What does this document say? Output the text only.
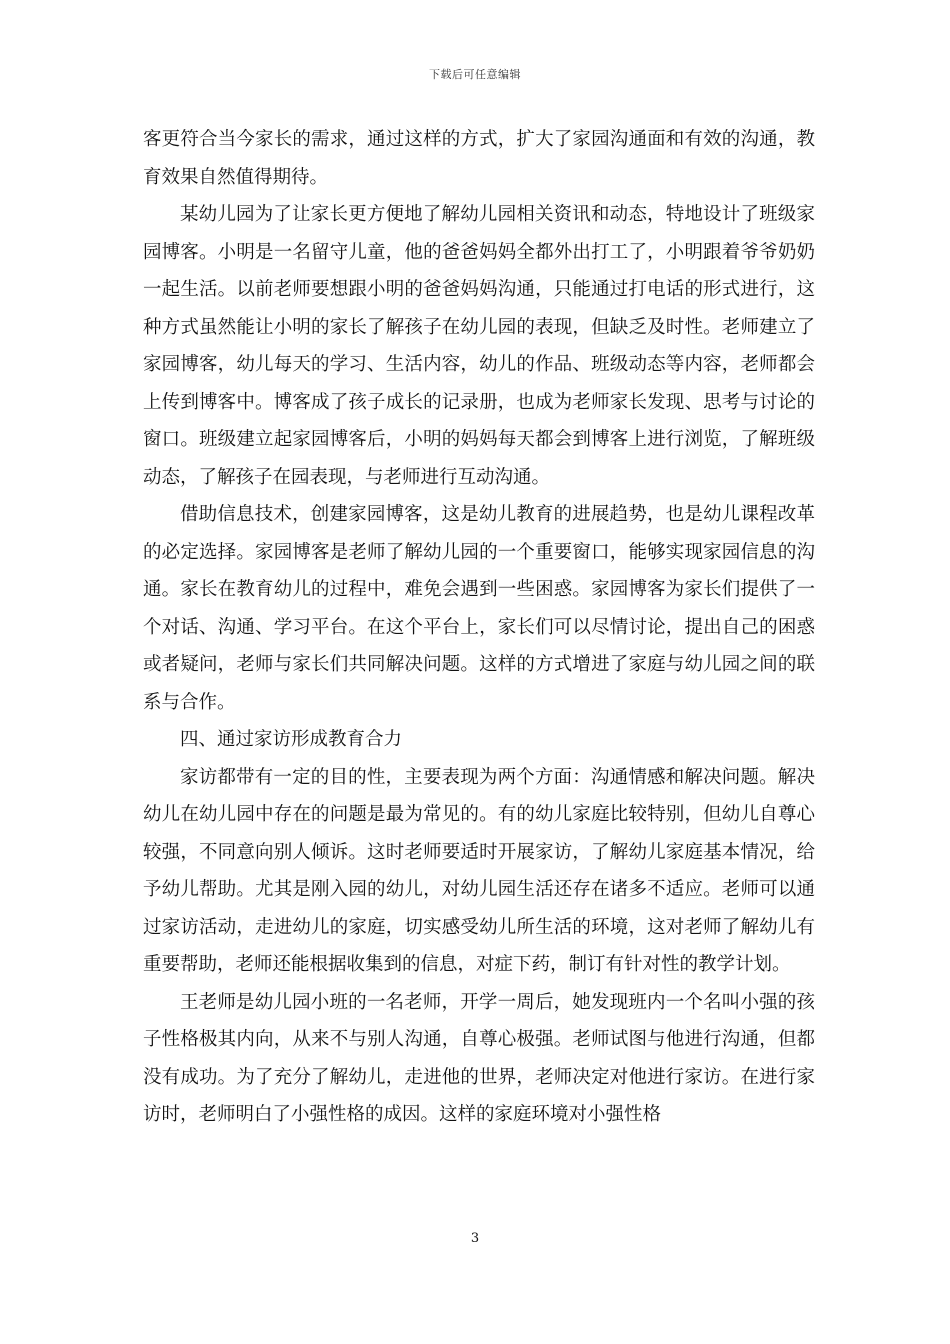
下载后可任意编辑

客更符合当今家长的需求，通过这样的方式，扩大了家园沟通面和有效的沟通，教育效果自然值得期待。

某幼儿园为了让家长更方便地了解幼儿园相关资讯和动态，特地设计了班级家园博客。小明是一名留守儿童，他的爸爸妈妈全都外出打工了，小明跟着爷爷奶奶一起生活。以前老师要想跟小明的爸爸妈妈沟通，只能通过打电话的形式进行，这种方式虽然能让小明的家长了解孩子在幼儿园的表现，但缺乏及时性。老师建立了家园博客，幼儿每天的学习、生活内容，幼儿的作品、班级动态等内容，老师都会上传到博客中。博客成了孩子成长的记录册，也成为老师家长发现、思考与讨论的窗口。班级建立起家园博客后，小明的妈妈每天都会到博客上进行浏览，了解班级动态，了解孩子在园表现，与老师进行互动沟通。

借助信息技术，创建家园博客，这是幼儿教育的进展趋势，也是幼儿课程改革的必定选择。家园博客是老师了解幼儿园的一个重要窗口，能够实现家园信息的沟通。家长在教育幼儿的过程中，难免会遇到一些困惑。家园博客为家长们提供了一个对话、沟通、学习平台。在这个平台上，家长们可以尽情讨论，提出自己的困惑或者疑问，老师与家长们共同解决问题。这样的方式增进了家庭与幼儿园之间的联系与合作。

四、通过家访形成教育合力

家访都带有一定的目的性，主要表现为两个方面：沟通情感和解决问题。解决幼儿在幼儿园中存在的问题是最为常见的。有的幼儿家庭比较特别，但幼儿自尊心较强，不同意向别人倾诉。这时老师要适时开展家访，了解幼儿家庭基本情况，给予幼儿帮助。尤其是刚入园的幼儿，对幼儿园生活还存在诸多不适应。老师可以通过家访活动，走进幼儿的家庭，切实感受幼儿所生活的环境，这对老师了解幼儿有重要帮助，老师还能根据收集到的信息，对症下药，制订有针对性的教学计划。

王老师是幼儿园小班的一名老师，开学一周后，她发现班内一个名叫小强的孩子性格极其内向，从来不与别人沟通，自尊心极强。老师试图与他进行沟通，但都没有成功。为了充分了解幼儿，走进他的世界，老师决定对他进行家访。在进行家访时，老师明白了小强性格的成因。这样的家庭环境对小强性格

3
